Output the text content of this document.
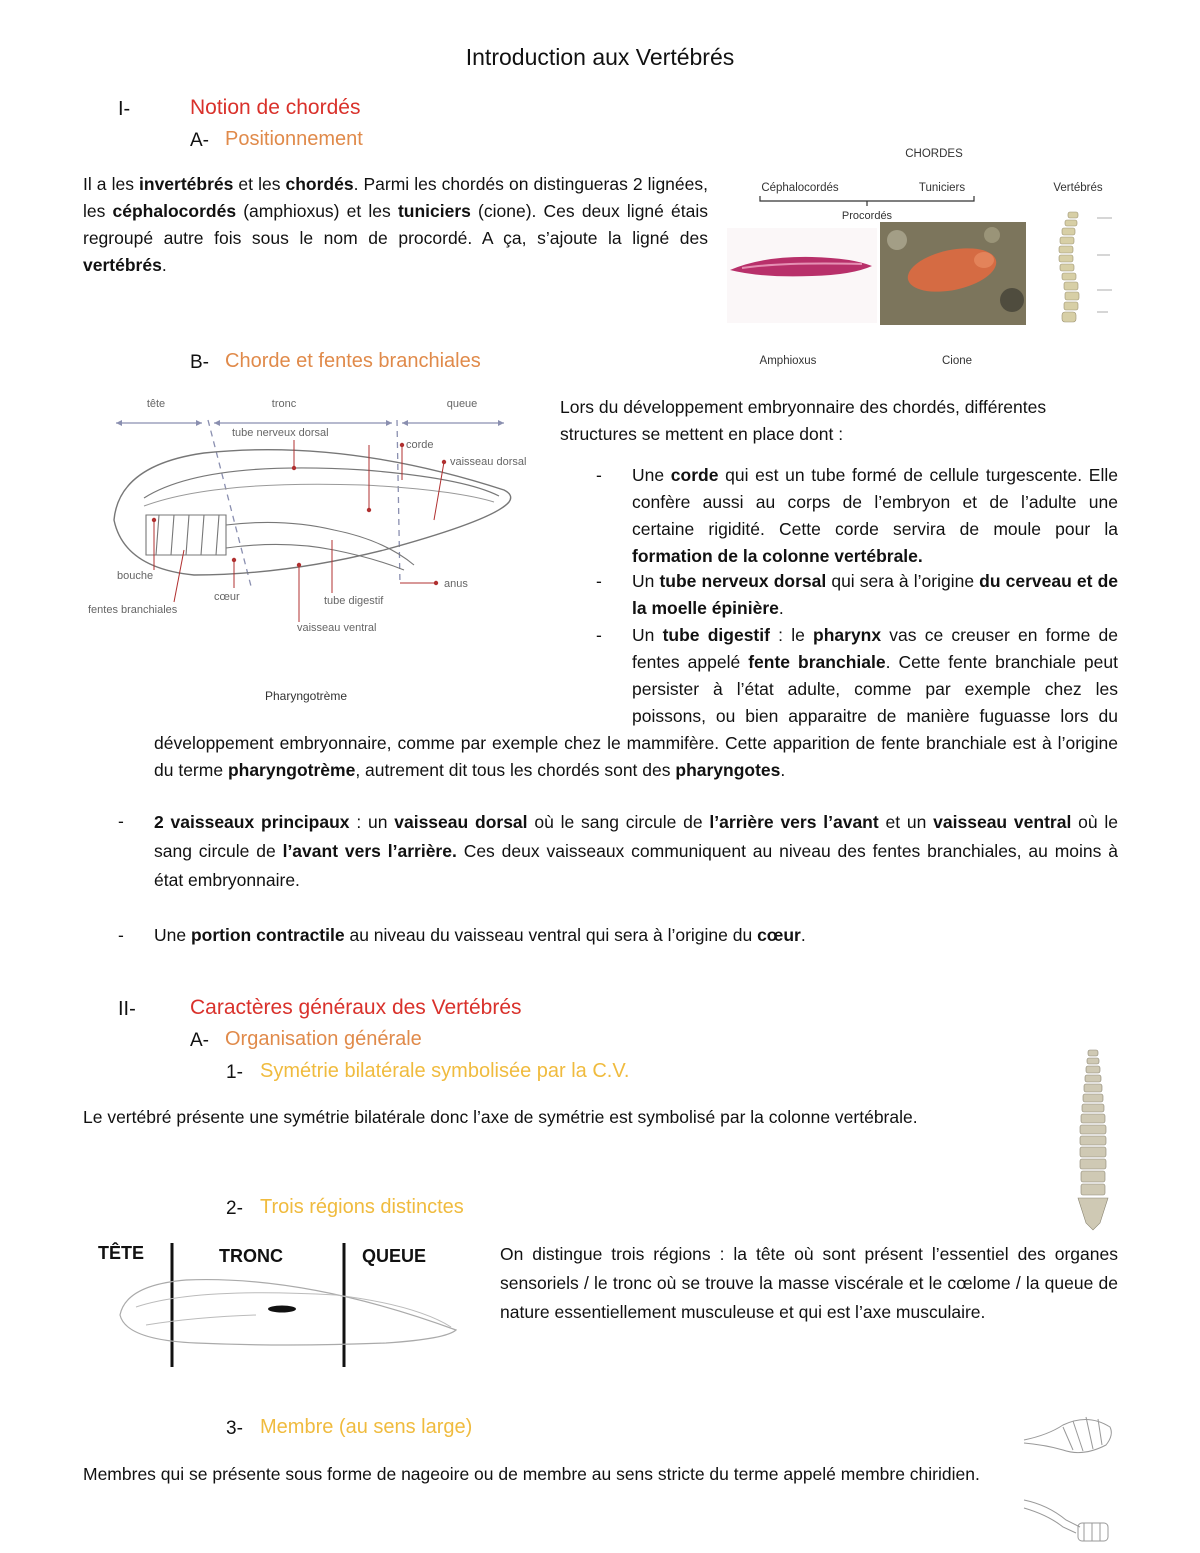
Introduction aux Vertébrés
I-	Notion de chordés
A- Positionnement
Il a les invertébrés et les chordés. Parmi les chordés on distingueras 2 lignées, les céphalocordés (amphioxus) et les tuniciers (cione). Ces deux ligné étais regroupé autre fois sous le nom de procordé. A ça, s’ajoute la ligné des vertébrés.
CHORDES
Céphalocordés	Tuniciers	Vertébrés
Procordés
Amphioxus	Cione
B- Chorde et fentes branchiales
tête	tronc	queue
tube nerveux dorsal
corde
vaisseau dorsal
bouche
cœur	tube digestif
anus
fentes branchiales
vaisseau ventral
Pharyngotrème
Lors du développement embryonnaire des chordés, différentes structures se mettent en place dont :
- Une corde qui est un tube formé de cellule turgescente. Elle confère aussi au corps de l’embryon et de l’adulte une certaine rigidité. Cette corde servira de moule pour la formation de la colonne vertébrale.
- Un tube nerveux dorsal qui sera à l’origine du cerveau et de la moelle épinière.
-	Un tube digestif : le pharynx vas ce creuser en forme de fentes appelé fente branchiale. Cette fente branchiale peut persister à l’état adulte, comme par exemple chez les poissons, ou bien apparaitre de manière fuguasse lors du développement embryonnaire, comme par exemple chez le mammifère. Cette apparition de fente branchiale est à l’origine du terme pharyngotrème, autrement dit tous les chordés sont des pharyngotes.
- 2 vaisseaux principaux : un vaisseau dorsal où le sang circule de l’arrière vers l’avant et un vaisseau ventral où le sang circule de l’avant vers l’arrière. Ces deux vaisseaux communiquent au niveau des fentes branchiales, au moins à état embryonnaire.
- Une portion contractile au niveau du vaisseau ventral qui sera à l’origine du cœur.
II-	Caractères généraux des Vertébrés
A- Organisation générale
1- Symétrie bilatérale symbolisée par la C.V.
Le vertébré présente une symétrie bilatérale donc l’axe de symétrie est symbolisé par la colonne vertébrale.
2- Trois régions distinctes
TÊTE	TRONC	QUEUE	On distingue trois régions : la tête où sont présent l’essentiel des organes sensoriels / le tronc où se trouve la masse viscérale et le cœlome / la queue de nature essentiellement musculeuse et qui est l’axe musculaire.
3- Membre (au sens large)
Membres qui se présente sous forme de nageoire ou de membre au sens stricte du terme appelé membre chiridien.
